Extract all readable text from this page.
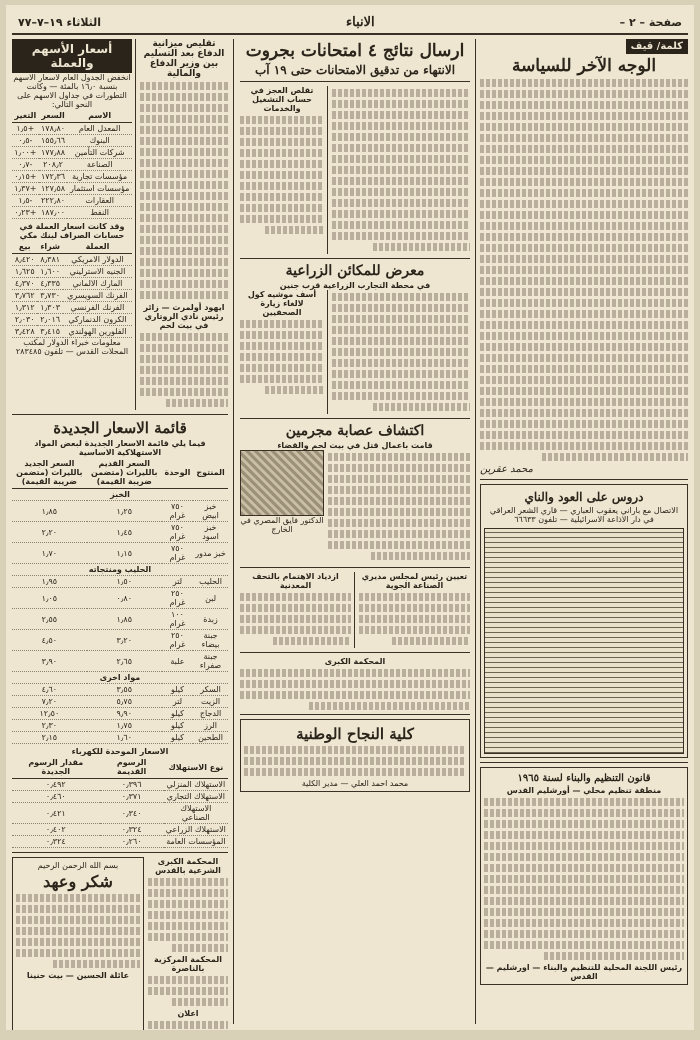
صفحة – ٢ –
الانباء
الثلاثاء ١٩–٧–٧٧
كلمة/ قيف
الوجه الآخر للسياسة
محمد عقرين
دروس على العود والناي
الاتصال مع باراني يعقوب العباري — قاري الشعر العراقي في دار الاذاعة الاسرائيلية — تلفون ٦٦٦٣٣
قانون التنظيم والبناء لسنة ١٩٦٥
منطقة تنظيم محلي — أورشليم القدس
رئيس اللجنة المحلية للتنظيم والبناء — اورشليم — القدس
ارسال نتائج ٤ امتحانات بجروت
الانتهاء من تدقيق الامتحانات حتى ١٩ آب
تقلص العجز في حساب التشغيل والخدمات
معرض للمكائن الزراعية
في محطة التجارب الزراعية قرب جنين
أسف موشيه كول
لالغاء زيارة الصحفيين
اكتشاف عصابة مجرمين
قامت باعمال قتل في بيت لحم والقضاء
الدكتور فايق المصري في الخارج
تعيين رئيس لمجلس مديري الصناعة الجوية
ازدياد الاهتمام بالتحف المعدنية
المحكمة الكبرى
كلية النجاح الوطنية
محمد احمد العلي — مدير الكلية
تقليص ميزانية الدفاع بعد التسليم بين وزير الدفاع والمالية
ايهود أولمرت — زائر رئيس نادي الروتاري في بيت لحم
أسعار الأسهم والعملة
انخفض الجدول العام لاسعار الاسهم بنسبة ١٦٫٠ بالمئة — وكانت التطورات في جداول الاسهم على النحو التالي:
الاسم	السعر	التغير
المعدل العام	١٧٨٫٨٠	+١٫٥
البنوك	١٥٥٫٦٦	-٠٫٥
شركات التأمين	١٧٧٫٨٨	+١٫٠٠
الصناعة	٢٠٨٫٢	-٠٫٧
مؤسسات تجارية	١٧٢٫٣٦	+٠٫١٥
مؤسسات استثمار	١٢٧٫٥٨	+١٫٣٧
العقارات	٢٢٢٫٨٠	-١٫٥
النفط	١٨٧٫٠٠	+٠٫٢٣
وقد كانت اسعار العملة في حسابات الصراف لبنك مكي
العملة	شراء	بيع
الدولار الامريكي	٨٫٣٨١	٨٫٤٢٠
الجنيه الاسترليني	١٫٦٠٠	١٫٦٢٥
المارك الالماني	٤٫٣٣٥	٤٫٣٧٠
الفرنك السويسري	٣٫٧٣٠	٣٫٧٦٢
الفرنك الفرنسي	١٫٣٠٣	١٫٣١٢
الكرون الدنماركي	٢٫٠١٦	٢٫٠٣٠
الفلورين الهولندي	٣٫٤١٥	٣٫٤٢٨
معلومات خبراء الدولار لمكتب المحلات القدس — تلفون ٢٨٣٤٨٥
قائمة الاسعار الجديدة
فيما يلي قائمة الاسعار الجديدة لبعض المواد الاستهلاكية الاساسية
المنتوج	الوحدة	السعر القديم بالليرات (متضمن ضريبة القيمة)	السعر الجديد بالليرات (متضمن ضريبة القيمة)
الخبز			
خبز ابيض	٧٥٠ غرام	١٫٢٥	١٫٨٥
خبز اسود	٧٥٠ غرام	١٫٤٥	٢٫٢٠
خبز مدور	٧٥٠ غرام	١٫١٥	١٫٧٠
الحليب ومنتجاته			
الحليب	لتر	١٫٥٠	١٫٩٥
لبن	٢٥٠ غرام	٠٫٨٠	١٫٠٥
زبدة	١٠٠ غرام	١٫٨٥	٢٫٥٥
جبنة بيضاء	٢٥٠ غرام	٣٫٢٠	٤٫٥٠
جبنة صفراء	علبة	٢٫٦٥	٣٫٩٠
مواد اخرى			
السكر	كيلو	٣٫٥٥	٤٫٦٠
الزيت	لتر	٥٫٧٥	٧٫٢٠
الدجاج	كيلو	٩٫٩٠	١٢٫٥٠
الرز	كيلو	١٫٧٥	٢٫٣٠
الطحين	كيلو	١٫٦٠	٢٫١٥
الاسعار الموحدة للكهرباء
نوع الاستهلاك	الرسوم القديمة	مقدار الرسوم الجديدة
الاستهلاك المنزلي	٠٫٣٩٦	٠٫٤٩٢
الاستهلاك التجاري	٠٫٣٧١	٠٫٤٦٠
الاستهلاك الصناعي	٠٫٣٤٠	٠٫٤٢١
الاستهلاك الزراعي	٠٫٣٢٤	٠٫٤٠٢
المؤسسات العامة	٠٫٢٦٠	٠٫٣٢٤
المحكمة الكبرى الشرعية بالقدس
المحكمة المركزية بالناصرة
اعلان
بسم الله الرحمن الرحيم
شكر وعهد
عائلة الحسين — بيت حنينا
